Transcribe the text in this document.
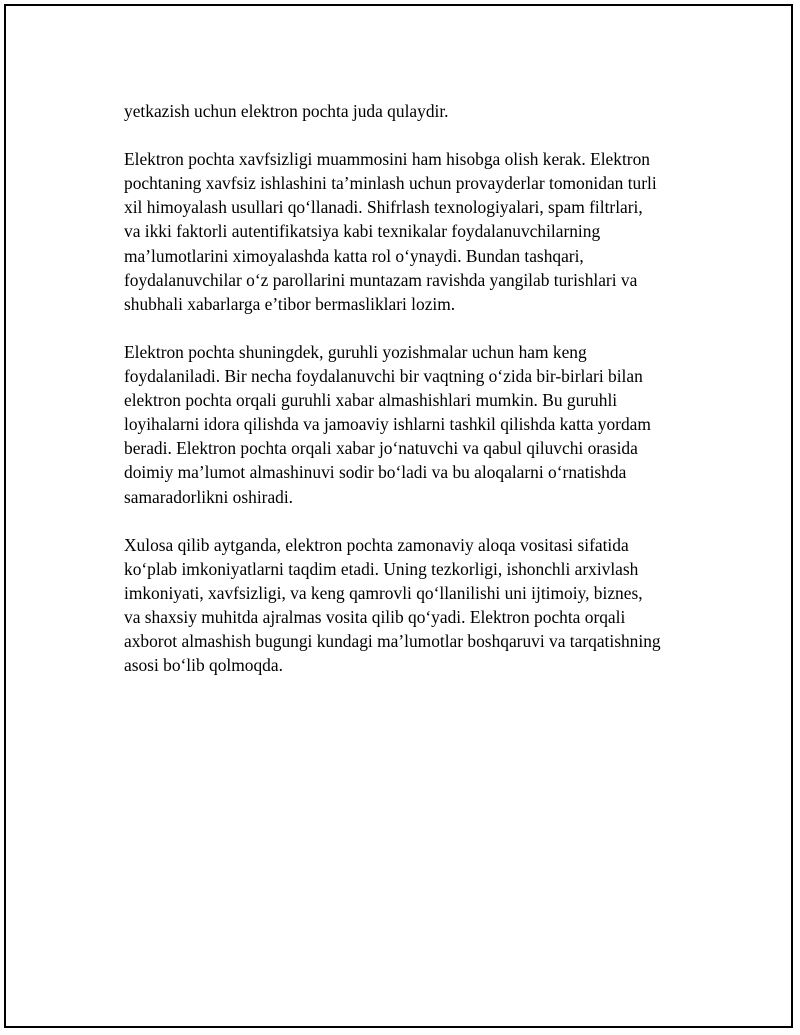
yetkazish uchun elektron pochta juda qulaydir.
Elektron pochta xavfsizligi muammosini ham hisobga olish kerak. Elektron
pochtaning xavfsiz ishlashini ta’minlash uchun provayderlar tomonidan turli
xil himoyalash usullari qo‘llanadi. Shifrlash texnologiyalari, spam filtrlari,
va ikki faktorli autentifikatsiya kabi texnikalar foydalanuvchilarning
ma’lumotlarini ximoyalashda katta rol o‘ynaydi. Bundan tashqari,
foydalanuvchilar o‘z parollarini muntazam ravishda yangilab turishlari va
shubhali xabarlarga e’tibor bermasliklari lozim.
Elektron pochta shuningdek, guruhli yozishmalar uchun ham keng
foydalaniladi. Bir necha foydalanuvchi bir vaqtning o‘zida bir-birlari bilan
elektron pochta orqali guruhli xabar almashishlari mumkin. Bu guruhli
loyihalarni idora qilishda va jamoaviy ishlarni tashkil qilishda katta yordam
beradi. Elektron pochta orqali xabar jo‘natuvchi va qabul qiluvchi orasida
doimiy ma’lumot almashinuvi sodir bo‘ladi va bu aloqalarni o‘rnatishda
samaradorlikni oshiradi.
Xulosa qilib aytganda, elektron pochta zamonaviy aloqa vositasi sifatida
ko‘plab imkoniyatlarni taqdim etadi. Uning tezkorligi, ishonchli arxivlash
imkoniyati, xavfsizligi, va keng qamrovli qo‘llanilishi uni ijtimoiy, biznes,
va shaxsiy muhitda ajralmas vosita qilib qo‘yadi. Elektron pochta orqali
axborot almashish bugungi kundagi ma’lumotlar boshqaruvi va tarqatishning
asosi bo‘lib qolmoqda.
